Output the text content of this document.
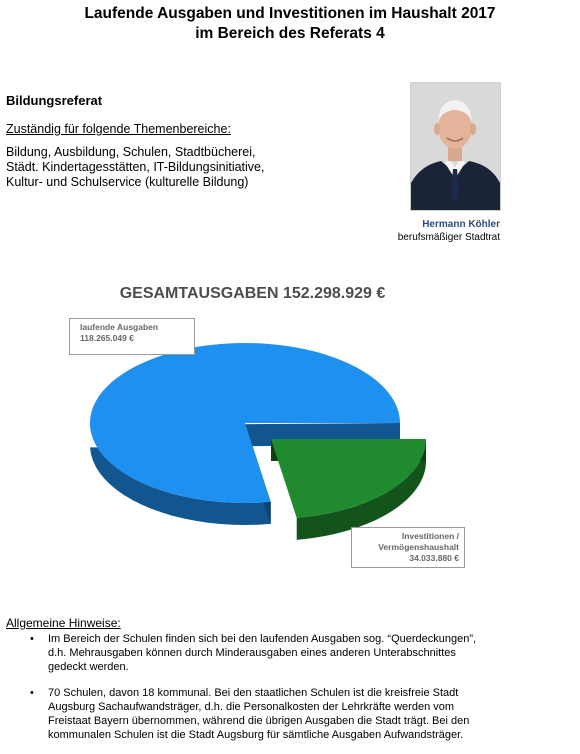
Laufende Ausgaben und Investitionen im Haushalt 2017
im Bereich des Referats 4
Bildungsreferat
Zuständig für folgende Themenbereiche:
Bildung, Ausbildung, Schulen, Stadtbücherei,
Städt. Kindertagesstätten, IT-Bildungsinitiative,
Kultur- und Schulservice (kulturelle Bildung)
Hermann Köhler
berufsmäßiger Stadtrat
GESAMTAUSGABEN 152.298.929 €
laufende Ausgaben
118.265.049 €
Investitionen /
Vermögenshaushalt
34.033.880 €
Allgemeine Hinweise:
• Im Bereich der Schulen finden sich bei den laufenden Ausgaben sog. “Querdeckungen”,
d.h. Mehrausgaben können durch Minderausgaben eines anderen Unterabschnittes
gedeckt werden.
• 70 Schulen, davon 18 kommunal. Bei den staatlichen Schulen ist die kreisfreie Stadt
Augsburg Sachaufwandsträger, d.h. die Personalkosten der Lehrkräfte werden vom
Freistaat Bayern übernommen, während die übrigen Ausgaben die Stadt trägt. Bei den
kommunalen Schulen ist die Stadt Augsburg für sämtliche Ausgaben Aufwandsträger.
